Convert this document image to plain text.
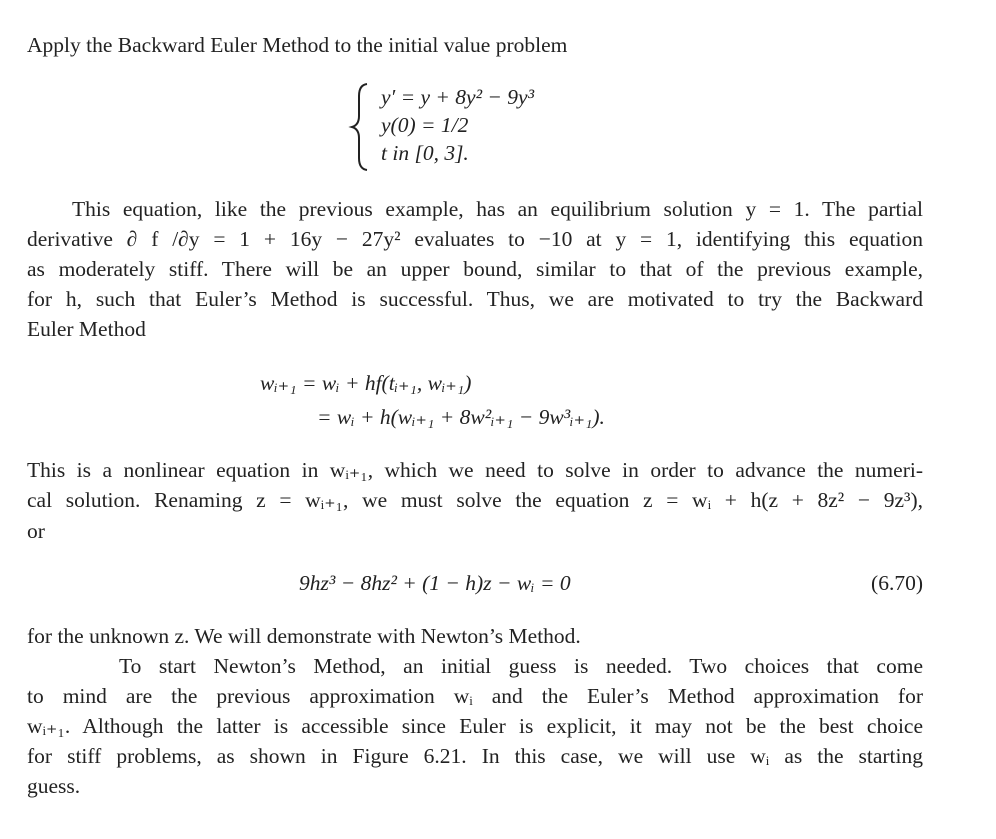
Apply the Backward Euler Method to the initial value problem
y′ = y + 8y² − 9y³
y(0) = 1/2
t in [0, 3].
This equation, like the previous example, has an equilibrium solution y = 1. The partial
derivative ∂ f /∂y = 1 + 16y − 27y² evaluates to −10 at y = 1, identifying this equation
as moderately stiff. There will be an upper bound, similar to that of the previous example,
for h, such that Euler’s Method is successful. Thus, we are motivated to try the Backward
Euler Method
wᵢ₊₁ = wᵢ + hf(tᵢ₊₁, wᵢ₊₁)
= wᵢ + h(wᵢ₊₁ + 8w²ᵢ₊₁ − 9w³ᵢ₊₁).
This is a nonlinear equation in wᵢ₊₁, which we need to solve in order to advance the numeri-
cal solution. Renaming z = wᵢ₊₁, we must solve the equation z = wᵢ + h(z + 8z² − 9z³),
or
9hz³ − 8hz² + (1 − h)z − wᵢ = 0	(6.70)
for the unknown z. We will demonstrate with Newton’s Method.
To start Newton’s Method, an initial guess is needed. Two choices that come
to mind are the previous approximation wᵢ and the Euler’s Method approximation for
wᵢ₊₁. Although the latter is accessible since Euler is explicit, it may not be the best choice
for stiff problems, as shown in Figure 6.21. In this case, we will use wᵢ as the starting
guess.
